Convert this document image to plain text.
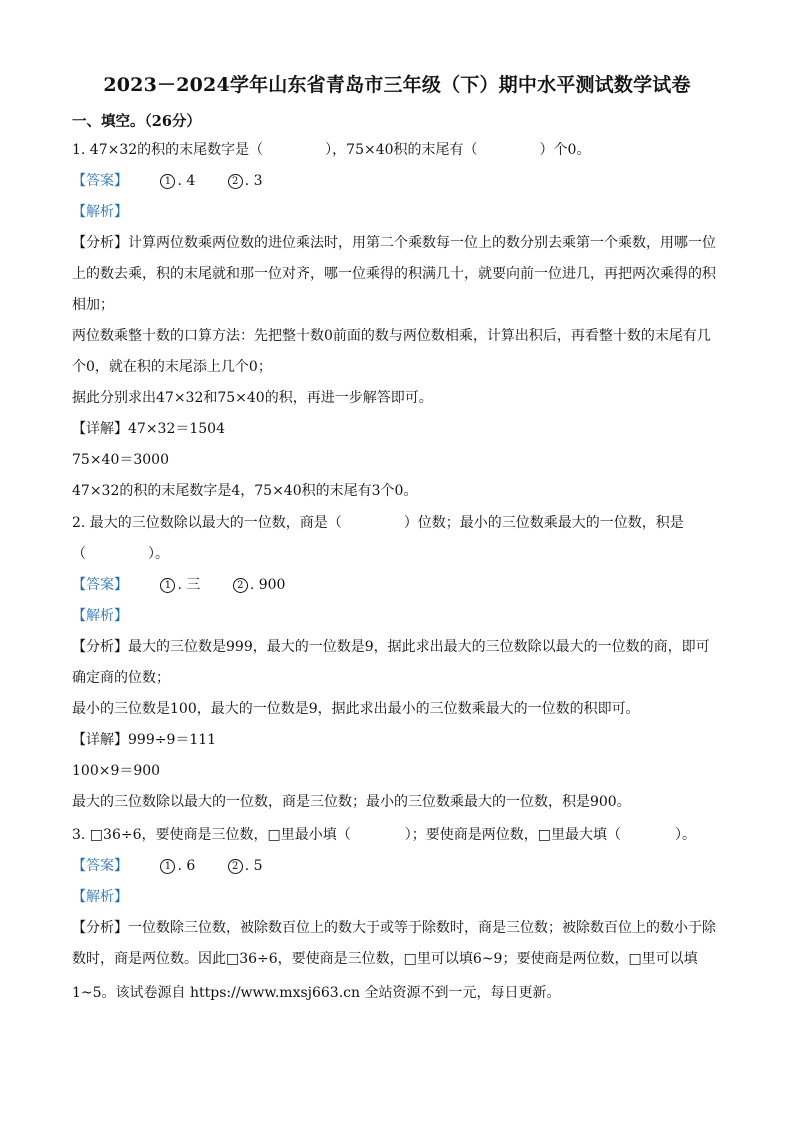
2023－2024学年山东省青岛市三年级（下）期中水平测试数学试卷
一、填空。（26分）
1. 47×32的积的末尾数字是（	），75×40积的末尾有（	）个0。
【答案】	1 . 4	2 . 3
【解析】
【分析】计算两位数乘两位数的进位乘法时，用第二个乘数每一位上的数分别去乘第一个乘数，用哪一位
上的数去乘，积的末尾就和那一位对齐，哪一位乘得的积满几十，就要向前一位进几，再把两次乘得的积
相加；
两位数乘整十数的口算方法：先把整十数0前面的数与两位数相乘，计算出积后，再看整十数的末尾有几
个0，就在积的末尾添上几个0；
据此分别求出47×32和75×40的积，再进一步解答即可。
【详解】47×32＝1504
75×40＝3000
47×32的积的末尾数字是4，75×40积的末尾有3个0。
2. 最大的三位数除以最大的一位数，商是（	）位数；最小的三位数乘最大的一位数，积是
（	）。
【答案】	1 . 三	2 . 900
【解析】
【分析】最大的三位数是999，最大的一位数是9，据此求出最大的三位数除以最大的一位数的商，即可
确定商的位数；
最小的三位数是100，最大的一位数是9，据此求出最小的三位数乘最大的一位数的积即可。
【详解】999÷9＝111
100×9＝900
最大的三位数除以最大的一位数，商是三位数；最小的三位数乘最大的一位数，积是900。
3. □36÷6，要使商是三位数，□里最小填（	）；要使商是两位数，□里最大填（	）。
【答案】	1 . 6	2 . 5
【解析】
【分析】一位数除三位数，被除数百位上的数大于或等于除数时，商是三位数；被除数百位上的数小于除
数时，商是两位数。因此□36÷6，要使商是三位数，□里可以填6~9；要使商是两位数，□里可以填
1~5。该试卷源自 https://www.mxsj663.cn 全站资源不到一元，每日更新。
